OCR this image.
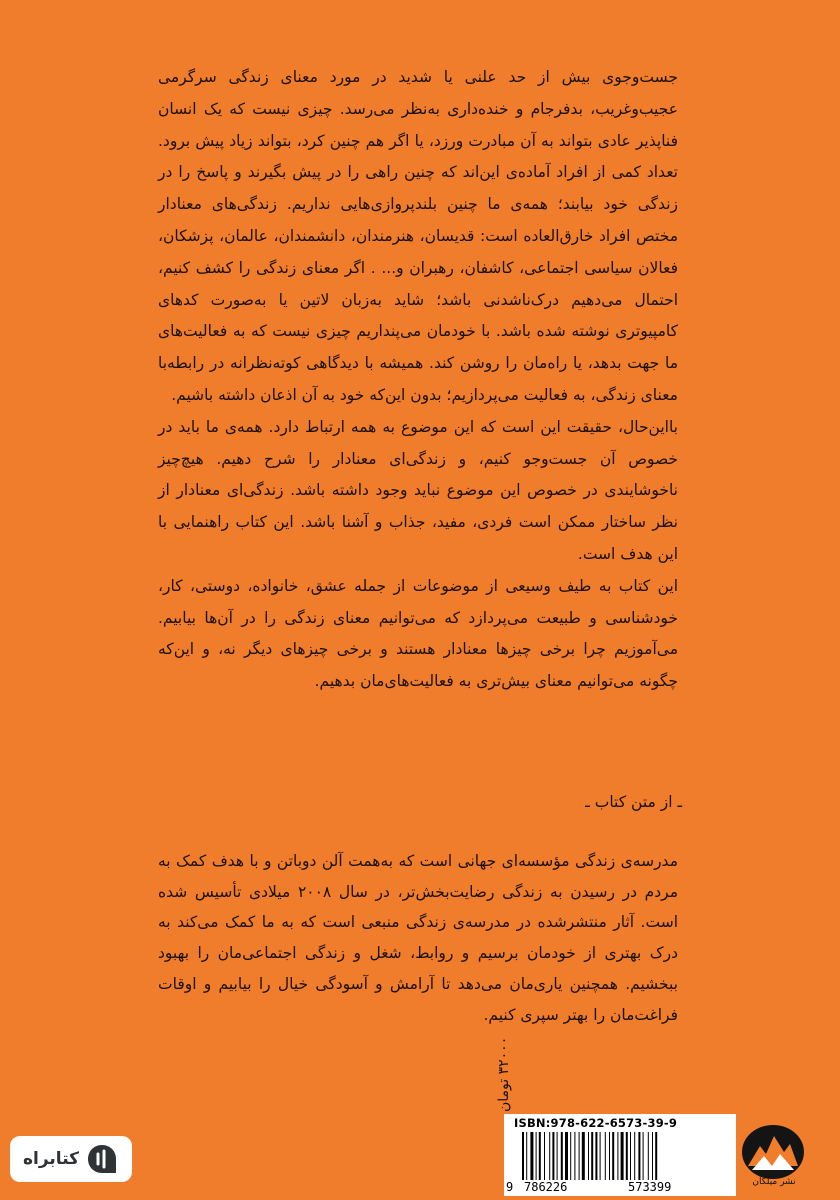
جست‌وجوی بیش از حد علنی یا شدید در مورد معنای زندگی سرگرمی عجیب‌وغریب، بدفرجام و خنده‌داری به‌نظر می‌رسد. چیزی نیست که یک انسان فناپذیر عادی بتواند به آن مبادرت ورزد، یا اگر هم چنین کرد، بتواند زیاد پیش برود. تعداد کمی از افراد آماده‌ی این‌اند که چنین راهی را در پیش بگیرند و پاسخ را در زندگی خود بیابند؛ همه‌ی ما چنین بلندپروازی‌هایی نداریم. زندگی‌های معنادار مختص افراد خارق‌العاده است: قدیسان، هنرمندان، دانشمندان، عالمان، پزشکان، فعالان سیاسی اجتماعی، کاشفان، رهبران و... . اگر معنای زندگی را کشف کنیم، احتمال می‌دهیم درک‌ناشدنی باشد؛ شاید به‌زبان لاتین یا به‌صورت کدهای کامپیوتری نوشته شده باشد. با خودمان می‌پنداریم چیزی نیست که به فعالیت‌های ما جهت بدهد، یا راه‌مان را روشن کند. همیشه با دیدگاهی کوته‌نظرانه در رابطه‌با معنای زندگی، به فعالیت می‌پردازیم؛ بدون این‌که خود به آن اذعان داشته باشیم.

بااین‌حال، حقیقت این است که این موضوع به همه ارتباط دارد. همه‌ی ما باید در خصوص آن جست‌وجو کنیم، و زندگی‌ای معنادار را شرح دهیم. هیچ‌چیز ناخوشایندی در خصوص این موضوع نباید وجود داشته باشد. زندگی‌ای معنادار از نظر ساختار ممکن است فردی، مفید، جذاب و آشنا باشد. این کتاب راهنمایی با این هدف است.

این کتاب به طیف وسیعی از موضوعات از جمله عشق، خانواده، دوستی، کار، خودشناسی و طبیعت می‌پردازد که می‌توانیم معنای زندگی را در آن‌ها بیابیم. می‌آموزیم چرا برخی چیزها معنادار هستند و برخی چیزهای دیگر نه، و این‌که چگونه می‌توانیم معنای بیش‌تری به فعالیت‌های‌مان بدهیم.

ـ از متن کتاب ـ

مدرسه‌ی زندگی مؤسسه‌ای جهانی است که به‌همت آلن دوباتن و با هدف کمک به مردم در رسیدن به زندگی رضایت‌بخش‌تر، در سال ۲۰۰۸ میلادی تأسیس شده است. آثار منتشرشده در مدرسه‌ی زندگی منبعی است که به ما کمک می‌کند به درک بهتری از خودمان برسیم و روابط، شغل و زندگی اجتماعی‌مان را بهبود ببخشیم. همچنین یاری‌مان می‌دهد تا آرامش و آسودگی خیال را بیابیم و اوقات فراغت‌مان را بهتر سپری کنیم.

۳۲۰۰۰ تومان
ISBN:978-622-6573-39-9
9 786226	573399	نشر میلکان
کتابراه
